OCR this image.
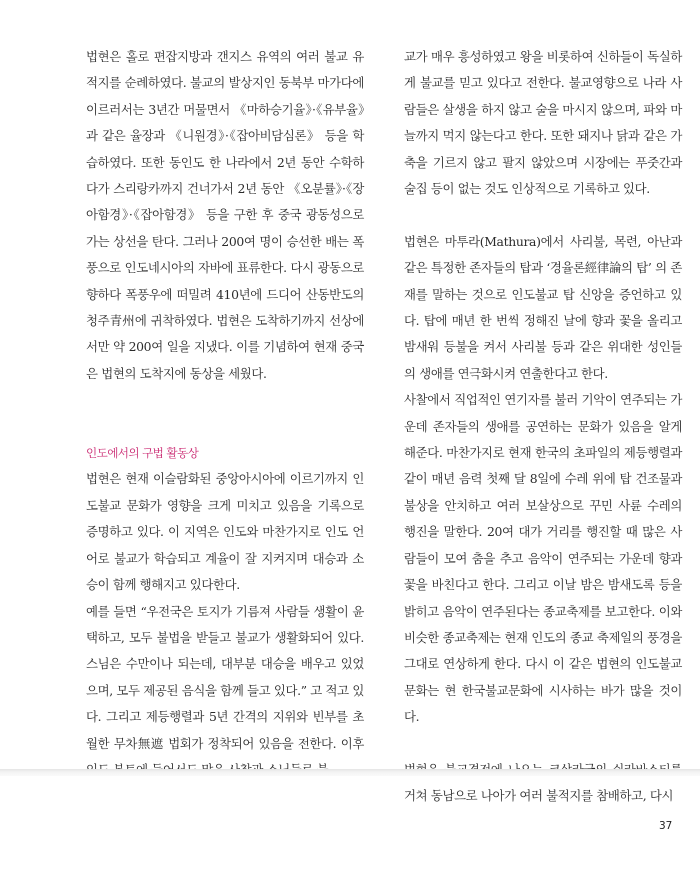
법현은 홀로 편잡지방과 갠지스 유역의 여러 불교 유적지를 순례하였다. 불교의 발상지인 동북부 마가다에 이르러서는 3년간 머물면서 《마하승기율》·《유부율》과 같은 율장과 《니원경》·《잡아비담심론》 등을 학습하였다. 또한 동인도 한 나라에서 2년 동안 수학하다가 스리랑카까지 건너가서 2년 동안 《오분률》·《장아함경》·《잡아함경》 등을 구한 후 중국 광동성으로 가는 상선을 탄다. 그러나 200여 명이 승선한 배는 폭풍으로 인도네시아의 자바에 표류한다. 다시 광동으로 향하다 폭풍우에 떠밀려 410년에 드디어 산동반도의 청주青州에 귀착하였다. 법현은 도착하기까지 선상에서만 약 200여 일을 지냈다. 이를 기념하여 현재 중국은 법현의 도착지에 동상을 세웠다.

인도에서의 구법 활동상

법현은 현재 이슬람화된 중앙아시아에 이르기까지 인도불교 문화가 영향을 크게 미치고 있음을 기록으로 증명하고 있다. 이 지역은 인도와 마찬가지로 인도 언어로 불교가 학습되고 계율이 잘 지켜지며 대승과 소승이 함께 행해지고 있다한다.

예를 들면 “우전국은 토지가 기름져 사람들 생활이 윤택하고, 모두 불법을 받들고 불교가 생활화되어 있다. 스님은 수만이나 되는데, 대부분 대승을 배우고 있었으며, 모두 제공된 음식을 함께 들고 있다.” 고 적고 있다. 그리고 제등행렬과 5년 간격의 지위와 빈부를 초월한 무차無遮 법회가 정착되어 있음을 전한다. 이후

교가 매우 흥성하였고 왕을 비롯하여 신하들이 독실하게 불교를 믿고 있다고 전한다. 불교영향으로 나라 사람들은 살생을 하지 않고 술을 마시지 않으며, 파와 마늘까지 먹지 않는다고 한다. 또한 돼지나 닭과 같은 가축을 기르지 않고 팔지 않았으며 시장에는 푸줏간과 술집 등이 없는 것도 인상적으로 기록하고 있다.

법현은 마투라(Mathura)에서 사리불, 목련, 아난과 같은 특정한 존자들의 탑과 ‘경율론經律論의 탑’ 의 존재를 말하는 것으로 인도불교 탑 신앙을 증언하고 있다. 탑에 매년 한 번씩 정해진 날에 향과 꽃을 올리고 밤새워 등불을 켜서 사리불 등과 같은 위대한 성인들의 생애를 연극화시켜 연출한다고 한다.

사찰에서 직업적인 연기자를 불러 기악이 연주되는 가운데 존자들의 생애를 공연하는 문화가 있음을 알게 해준다. 마찬가지로 현재 한국의 초파일의 제등행렬과 같이 매년 음력 첫째 달 8일에 수레 위에 탑 건조물과 불상을 안치하고 여러 보살상으로 꾸민 사륜 수레의 행진을 말한다. 20여 대가 거리를 행진할 때 많은 사람들이 모여 춤을 추고 음악이 연주되는 가운데 향과 꽃을 바친다고 한다. 그리고 이날 밤은 밤새도록 등을 밝히고 음악이 연주된다는 종교축제를 보고한다. 이와 비슷한 종교축제는 현재 인도의 종교 축제일의 풍경을 그대로 연상하게 한다. 다시 이 같은 법현의 인도불교 문화는 현 한국불교문화에 시사하는 바가 많을 것이다.

거쳐 동남으로 나아가 여러 불적지를 참배하고, 다시

37
